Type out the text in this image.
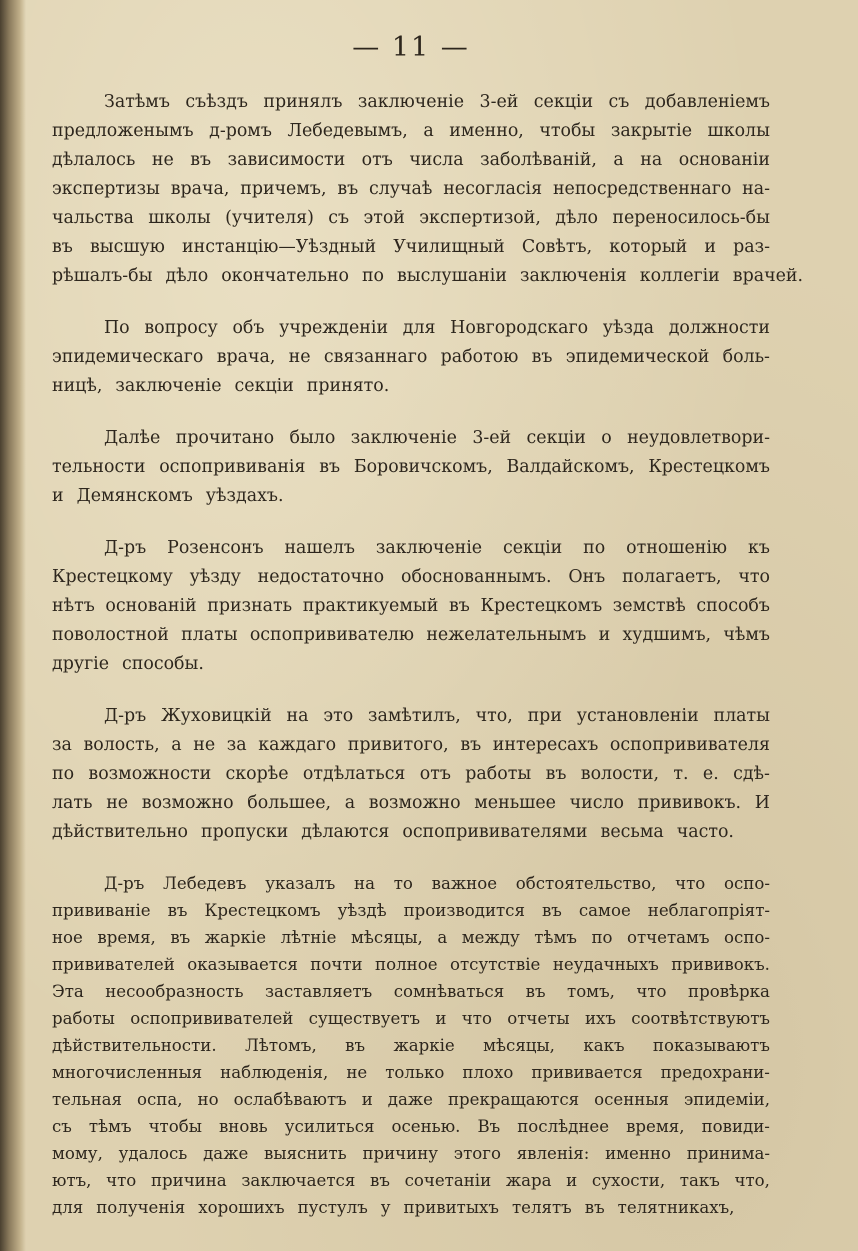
— 11 —
Затѣмъ съѣздъ принялъ заключенiе 3-ей секцiи съ добавленiемъ
предложенымъ д-ромъ Лебедевымъ, а именно, чтобы закрытiе школы
дѣлалось не въ зависимости отъ числа заболѣванiй, а на основанiи
экспертизы врача, причемъ, въ случаѣ несогласiя непосредственнаго на-
чальства школы (учителя) съ этой экспертизой, дѣло переносилось-бы
въ высшую инстанцiю—Уѣздный Училищный Совѣтъ, который и раз-
рѣшалъ-бы дѣло окончательно по выслушанiи заключенiя коллегiи врачей.
По вопросу объ учрежденiи для Новгородскаго уѣзда должности
эпидемическаго врача, не связаннаго работою въ эпидемической боль-
ницѣ, заключенiе секцiи принято.
Далѣе прочитано было заключенiе 3-ей секцiи о неудовлетвори-
тельности оспопрививанiя въ Боровичскомъ, Валдайскомъ, Крестецкомъ
и Демянскомъ уѣздахъ.
Д-ръ Розенсонъ нашелъ заключенiе секцiи по отношенiю къ
Крестецкому уѣзду недостаточно обоснованнымъ. Онъ полагаетъ, что
нѣтъ основанiй признать практикуемый въ Крестецкомъ земствѣ способъ
поволостной платы оспопрививателю нежелательнымъ и худшимъ, чѣмъ
другiе способы.
Д-ръ Жуховицкiй на это замѣтилъ, что, при установленiи платы
за волость, а не за каждаго привитого, въ интересахъ оспопрививателя
по возможности скорѣе отдѣлаться отъ работы въ волости, т. е. сдѣ-
лать не возможно большее, а возможно меньшее число прививокъ. И
дѣйствительно пропуски дѣлаются оспопрививателями весьма часто.
Д-ръ Лебедевъ указалъ на то важное обстоятельство, что оспо-
прививанiе въ Крестецкомъ уѣздѣ производится въ самое неблагопрiят-
ное время, въ жаркiе лѣтнiе мѣсяцы, а между тѣмъ по отчетамъ оспо-
прививателей оказывается почти полное отсутствiе неудачныхъ прививокъ.
Эта несообразность заставляетъ сомнѣваться въ томъ, что провѣрка
работы оспопрививателей существуетъ и что отчеты ихъ соотвѣтствуютъ
дѣйствительности. Лѣтомъ, въ жаркiе мѣсяцы, какъ показываютъ
многочисленныя наблюденiя, не только плохо прививается предохрани-
тельная оспа, но ослабѣваютъ и даже прекращаются осенныя эпидемiи,
съ тѣмъ чтобы вновь усилиться осенью. Въ послѣднее время, повиди-
мому, удалось даже выяснить причину этого явленiя: именно принима-
ютъ, что причина заключается въ сочетанiи жара и сухости, такъ что,
для полученiя хорошихъ пустулъ у привитыхъ телятъ въ телятникахъ,
